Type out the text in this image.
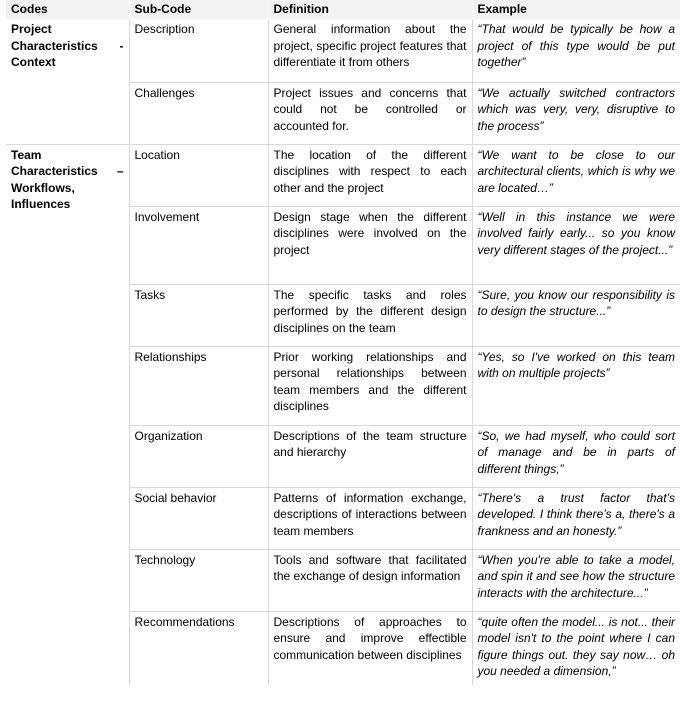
Codes	Sub-Code	Definition	Example
Project Characteristics - Context	Description	General information about the project, specific project features that differentiate it from others	“That would be typically be how a project of this type would be put together”
	Challenges	Project issues and concerns that could not be controlled or accounted for.	“We actually switched contractors which was very, very, disruptive to the process”
Team Characteristics – Workflows, Influences	Location	The location of the different disciplines with respect to each other and the project	“We want to be close to our architectural clients, which is why we are located…”
	Involvement	Design stage when the different disciplines were involved on the project	“Well in this instance we were involved fairly early... so you know very different stages of the project...”
	Tasks	The specific tasks and roles performed by the different design disciplines on the team	“Sure, you know our responsibility is to design the structure...”
	Relationships	Prior working relationships and personal relationships between team members and the different disciplines	“Yes, so I've worked on this team with on multiple projects”
	Organization	Descriptions of the team structure and hierarchy	“So, we had myself, who could sort of manage and be in parts of different things,”
	Social behavior	Patterns of information exchange, descriptions of interactions between team members	“There's a trust factor that’s developed. I think there’s a, there's a frankness and an honesty.”
	Technology	Tools and software that facilitated the exchange of design information	“When you're able to take a model, and spin it and see how the structure interacts with the architecture...”
	Recommendations	Descriptions of approaches to ensure and improve effectible communication between disciplines	“quite often the model... is not... their model isn't to the point where I can figure things out. they say now… oh you needed a dimension,”
